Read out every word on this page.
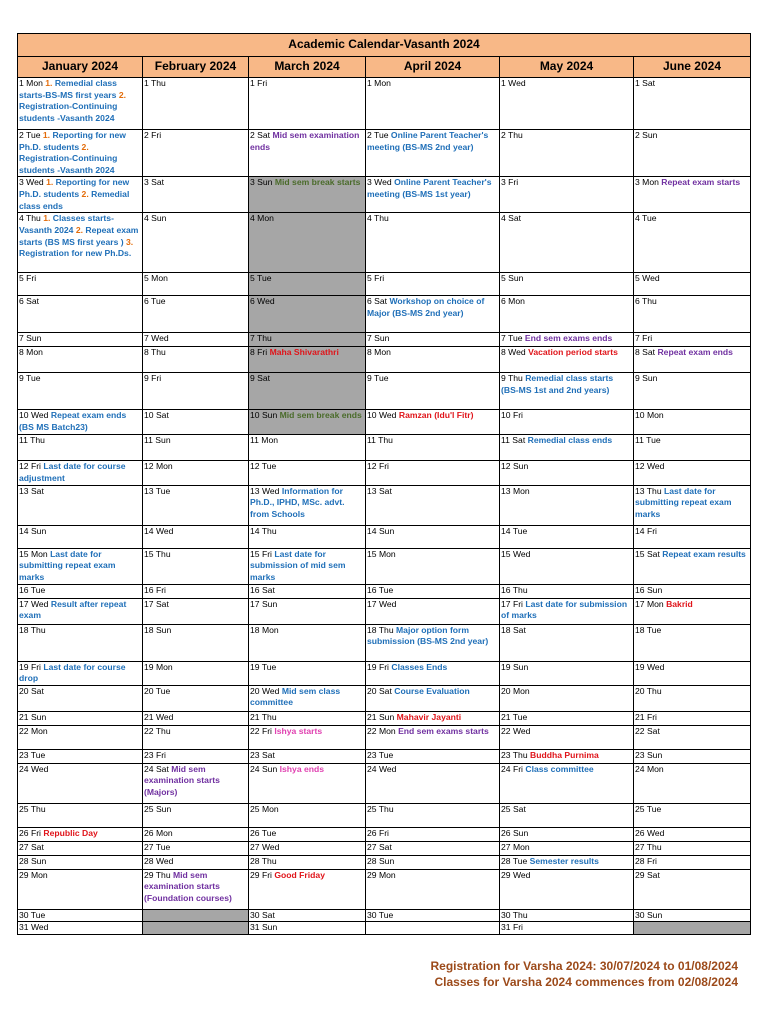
Academic Calendar-Vasanth 2024					
January 2024	February 2024	March 2024	April 2024	May 2024	June 2024
1 Mon 1. Remedial class starts-BS-MS first years 2. Registration-Continuing students -Vasanth 2024	1 Thu	1 Fri	1 Mon	1 Wed	1 Sat
2 Tue 1. Reporting for new Ph.D. students 2. Registration-Continuing students -Vasanth 2024	2 Fri	2 Sat Mid sem examination ends	2 Tue Online Parent Teacher's meeting (BS-MS 2nd year)	2 Thu	2 Sun
3 Wed 1. Reporting for new Ph.D. students 2. Remedial class ends	3 Sat	3 Sun Mid sem break starts	3 Wed Online Parent Teacher's meeting (BS-MS 1st year)	3 Fri	3 Mon Repeat exam starts
4 Thu 1. Classes starts-Vasanth 2024 2. Repeat exam starts (BS MS first years ) 3. Registration for new Ph.Ds.	4 Sun	4 Mon	4 Thu	4 Sat	4 Tue
5 Fri	5 Mon	5 Tue	5 Fri	5 Sun	5 Wed
6 Sat	6 Tue	6 Wed	6 Sat Workshop on choice of Major (BS-MS 2nd year)	6 Mon	6 Thu
7 Sun	7 Wed	7 Thu	7 Sun	7 Tue End sem exams ends	7 Fri
8 Mon	8 Thu	8 Fri Maha Shivarathri	8 Mon	8 Wed Vacation period starts	8 Sat Repeat exam ends
9 Tue	9 Fri	9 Sat	9 Tue	9 Thu Remedial class starts (BS-MS 1st and 2nd years)	9 Sun
10 Wed Repeat exam ends (BS MS Batch23)	10 Sat	10 Sun Mid sem break ends	10 Wed Ramzan (Idu'l Fitr)	10 Fri	10 Mon
11 Thu	11 Sun	11 Mon	11 Thu	11 Sat Remedial class ends	11 Tue
12 Fri Last date for course adjustment	12 Mon	12 Tue	12 Fri	12 Sun	12 Wed
13 Sat	13 Tue	13 Wed Information for Ph.D., IPHD, MSc. advt. from Schools	13 Sat	13 Mon	13 Thu Last date for submitting repeat exam marks
14 Sun	14 Wed	14 Thu	14 Sun	14 Tue	14 Fri
15 Mon Last date for submitting repeat exam marks	15 Thu	15 Fri Last date for submission of mid sem marks	15 Mon	15 Wed	15 Sat Repeat exam results
16 Tue	16 Fri	16 Sat	16 Tue	16 Thu	16 Sun
17 Wed Result after repeat exam	17 Sat	17 Sun	17 Wed	17 Fri Last date for submission of marks	17 Mon Bakrid
18 Thu	18 Sun	18 Mon	18 Thu Major option form submission (BS-MS 2nd year)	18 Sat	18 Tue
19 Fri Last date for course drop	19 Mon	19 Tue	19 Fri Classes Ends	19 Sun	19 Wed
20 Sat	20 Tue	20 Wed Mid sem class committee	20 Sat Course Evaluation	20 Mon	20 Thu
21 Sun	21 Wed	21 Thu	21 Sun Mahavir Jayanti	21 Tue	21 Fri
22 Mon	22 Thu	22 Fri Ishya starts	22 Mon End sem exams starts	22 Wed	22 Sat
23 Tue	23 Fri	23 Sat	23 Tue	23 Thu Buddha Purnima	23 Sun
24 Wed	24 Sat Mid sem examination starts (Majors)	24 Sun Ishya ends	24 Wed	24 Fri Class committee	24 Mon
25 Thu	25 Sun	25 Mon	25 Thu	25 Sat	25 Tue
26 Fri Republic Day	26 Mon	26 Tue	26 Fri	26 Sun	26 Wed
27 Sat	27 Tue	27 Wed	27 Sat	27 Mon	27 Thu
28 Sun	28 Wed	28 Thu	28 Sun	28 Tue Semester results	28 Fri
29 Mon	29 Thu Mid sem examination starts (Foundation courses)	29 Fri Good Friday	29 Mon	29 Wed	29 Sat
30 Tue		30 Sat	30 Tue	30 Thu	30 Sun
31 Wed		31 Sun		31 Fri	
Registration for Varsha 2024: 30/07/2024 to 01/08/2024
Classes for Varsha 2024 commences from 02/08/2024
